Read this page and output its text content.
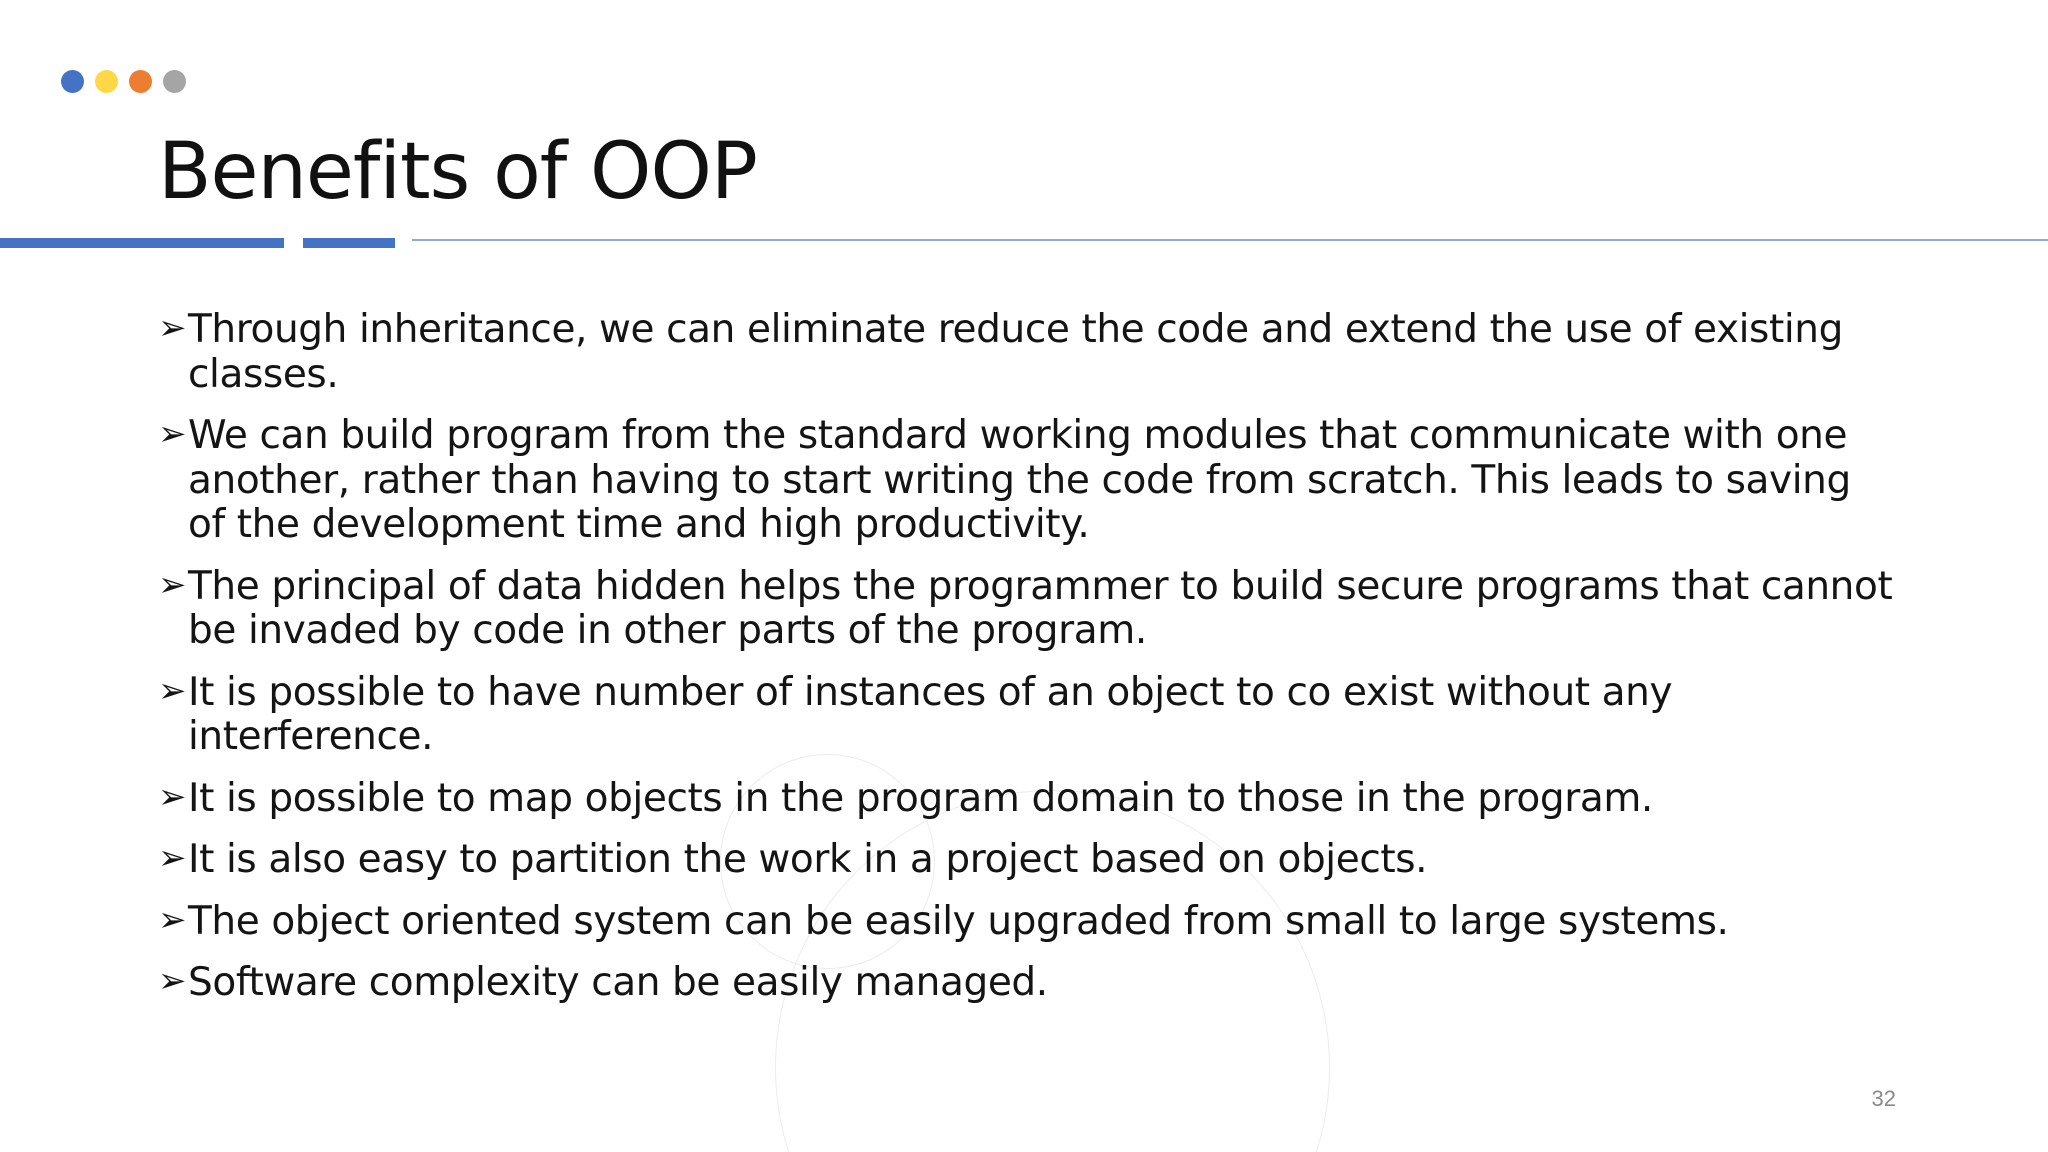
Benefits of OOP
➢ Through inheritance, we can eliminate reduce the code and extend the use of existing classes.
➢ We can build program from the standard working modules that communicate with one another, rather than having to start writing the code from scratch. This leads to saving of the development time and high productivity.
➢ The principal of data hidden helps the programmer to build secure programs that cannot be invaded by code in other parts of the program.
➢ It is possible to have number of instances of an object to co exist without any interference.
➢ It is possible to map objects in the program domain to those in the program.
➢ It is also easy to partition the work in a project based on objects.
➢ The object oriented system can be easily upgraded from small to large systems.
➢ Software complexity can be easily managed.
32
